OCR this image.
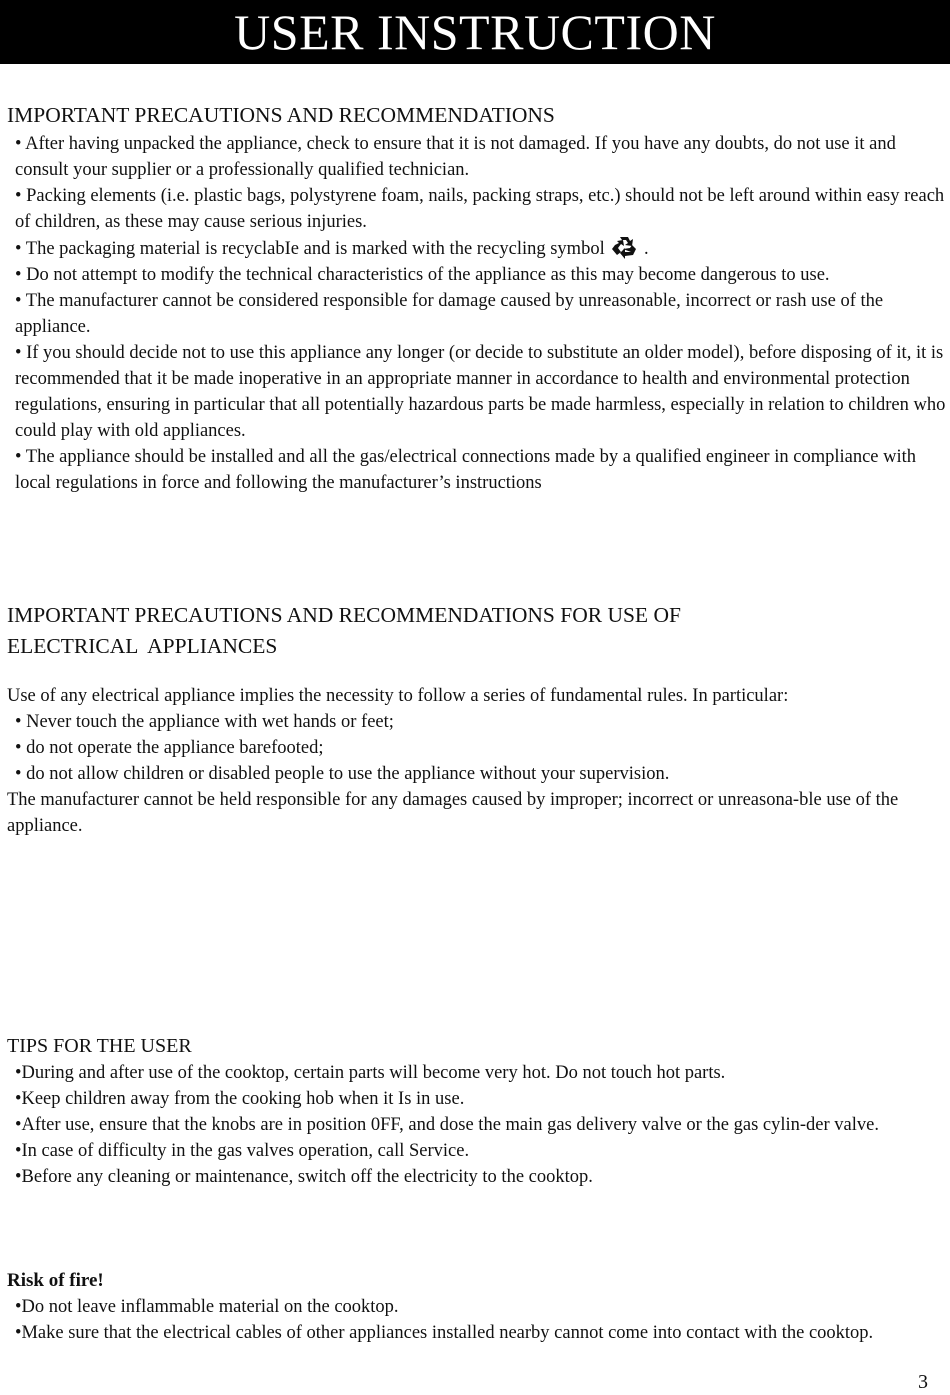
USER INSTRUCTION

IMPORTANT PRECAUTIONS AND RECOMMENDATIONS

• After having unpacked the appliance, check to ensure that it is not damaged. If you have any doubts, do not use it and consult your supplier or a professionally qualified technician.
• Packing elements (i.e. plastic bags, polystyrene foam, nails, packing straps, etc.) should not be left around within easy reach of children, as these may cause serious injuries.
• The packaging material is recyclabIe and is marked with the recycling symbol .
• Do not attempt to modify the technical characteristics of the appliance as this may become dangerous to use.
• The manufacturer cannot be considered responsible for damage caused by unreasonable, incorrect or rash use of the appliance.
• If you should decide not to use this appliance any longer (or decide to substitute an older model), before disposing of it, it is recommended that it be made inoperative in an appropriate manner in accordance to health and environmental protection regulations, ensuring in particular that all potentially hazardous parts be made harmless, especially in relation to children who could play with old appliances.
• The appliance should be installed and all the gas/electrical connections made by a qualified engineer in compliance with local regulations in force and following the manufacturer’s instructions

IMPORTANT PRECAUTIONS AND RECOMMENDATIONS FOR USE OF

ELECTRICAL  APPLIANCES

Use of any electrical appliance implies the necessity to follow a series of fundamental rules. In particular:

• Never touch the appliance with wet hands or feet;
• do not operate the appliance barefooted;
• do not allow children or disabled people to use the appliance without your supervision.

The manufacturer cannot be held responsible for any damages caused by improper; incorrect or unreasona-ble use of the appliance.

TIPS FOR THE USER

•During and after use of the cooktop, certain parts will become very hot. Do not touch hot parts.
•Keep children away from the cooking hob when it Is in use.
•After use, ensure that the knobs are in position 0FF, and dose the main gas delivery valve or the gas cylin-der valve.
•In case of difficulty in the gas valves operation, call Service.
•Before any cleaning or maintenance, switch off the electricity to the cooktop.

Risk of fire!

•Do not leave inflammable material on the cooktop.
•Make sure that the electrical cables of other appliances installed nearby cannot come into contact with the cooktop.
3
